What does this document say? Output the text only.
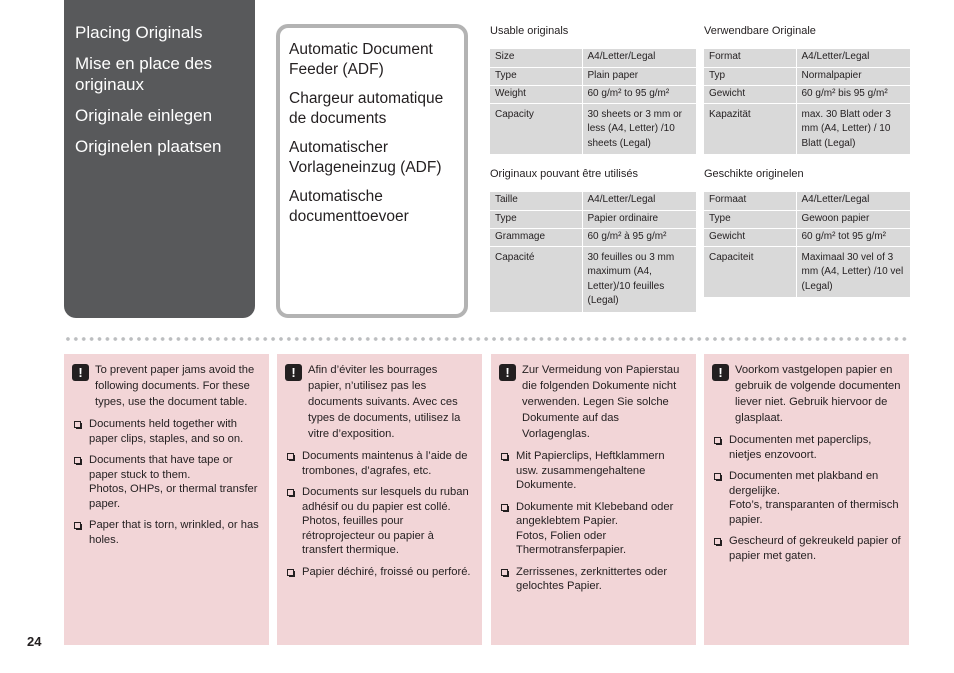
Placing Originals

Mise en place des originaux

Originale einlegen

Originelen plaatsen

Automatic Document Feeder (ADF)

Chargeur automatique de documents

Automatischer Vorlageneinzug (ADF)

Automatische documenttoevoer

Usable originals
Size	A4/Letter/Legal
Type	Plain paper
Weight	60 g/m² to 95 g/m²
Capacity	30 sheets or 3 mm or less (A4, Letter) /10 sheets (Legal)
Verwendbare Originale
Format	A4/Letter/Legal
Typ	Normalpapier
Gewicht	60 g/m² bis 95 g/m²
Kapazität	max. 30 Blatt oder 3 mm (A4, Letter) / 10 Blatt (Legal)
Originaux pouvant être utilisés
Taille	A4/Letter/Legal
Type	Papier ordinaire
Grammage	60 g/m² à 95 g/m²
Capacité	30 feuilles ou 3 mm maximum (A4, Letter)/10 feuilles (Legal)
Geschikte originelen
Formaat	A4/Letter/Legal
Type	Gewoon papier
Gewicht	60 g/m² tot 95 g/m²
Capaciteit	Maximaal 30 vel of 3 mm (A4, Letter) /10 vel (Legal)
! To prevent paper jams avoid the following documents. For these types, use the document table.

Documents held together with paper clips, staples, and so on.
Documents that have tape or paper stuck to them.
Photos, OHPs, or thermal transfer paper.
Paper that is torn, wrinkled, or has holes.
! Afin d’éviter les bourrages papier, n’utilisez pas les documents suivants. Avec ces types de documents, utilisez la vitre d’exposition.

Documents maintenus à l’aide de trombones, d’agrafes, etc.
Documents sur lesquels du ruban adhésif ou du papier est collé.
Photos, feuilles pour rétroprojecteur ou papier à transfert thermique.
Papier déchiré, froissé ou perforé.
! Zur Vermeidung von Papierstau die folgenden Dokumente nicht verwenden. Legen Sie solche Dokumente auf das Vorlagenglas.

Mit Papierclips, Heftklammern usw. zusammengehaltene Dokumente.
Dokumente mit Klebeband oder angeklebtem Papier.
Fotos, Folien oder Thermotransferpapier.
Zerrissenes, zerknittertes oder gelochtes Papier.
! Voorkom vastgelopen papier en gebruik de volgende documenten liever niet. Gebruik hiervoor de glasplaat.

Documenten met paperclips, nietjes enzovoort.
Documenten met plakband en dergelijke.
Foto’s, transparanten of thermisch papier.
Gescheurd of gekreukeld papier of papier met gaten.
24
